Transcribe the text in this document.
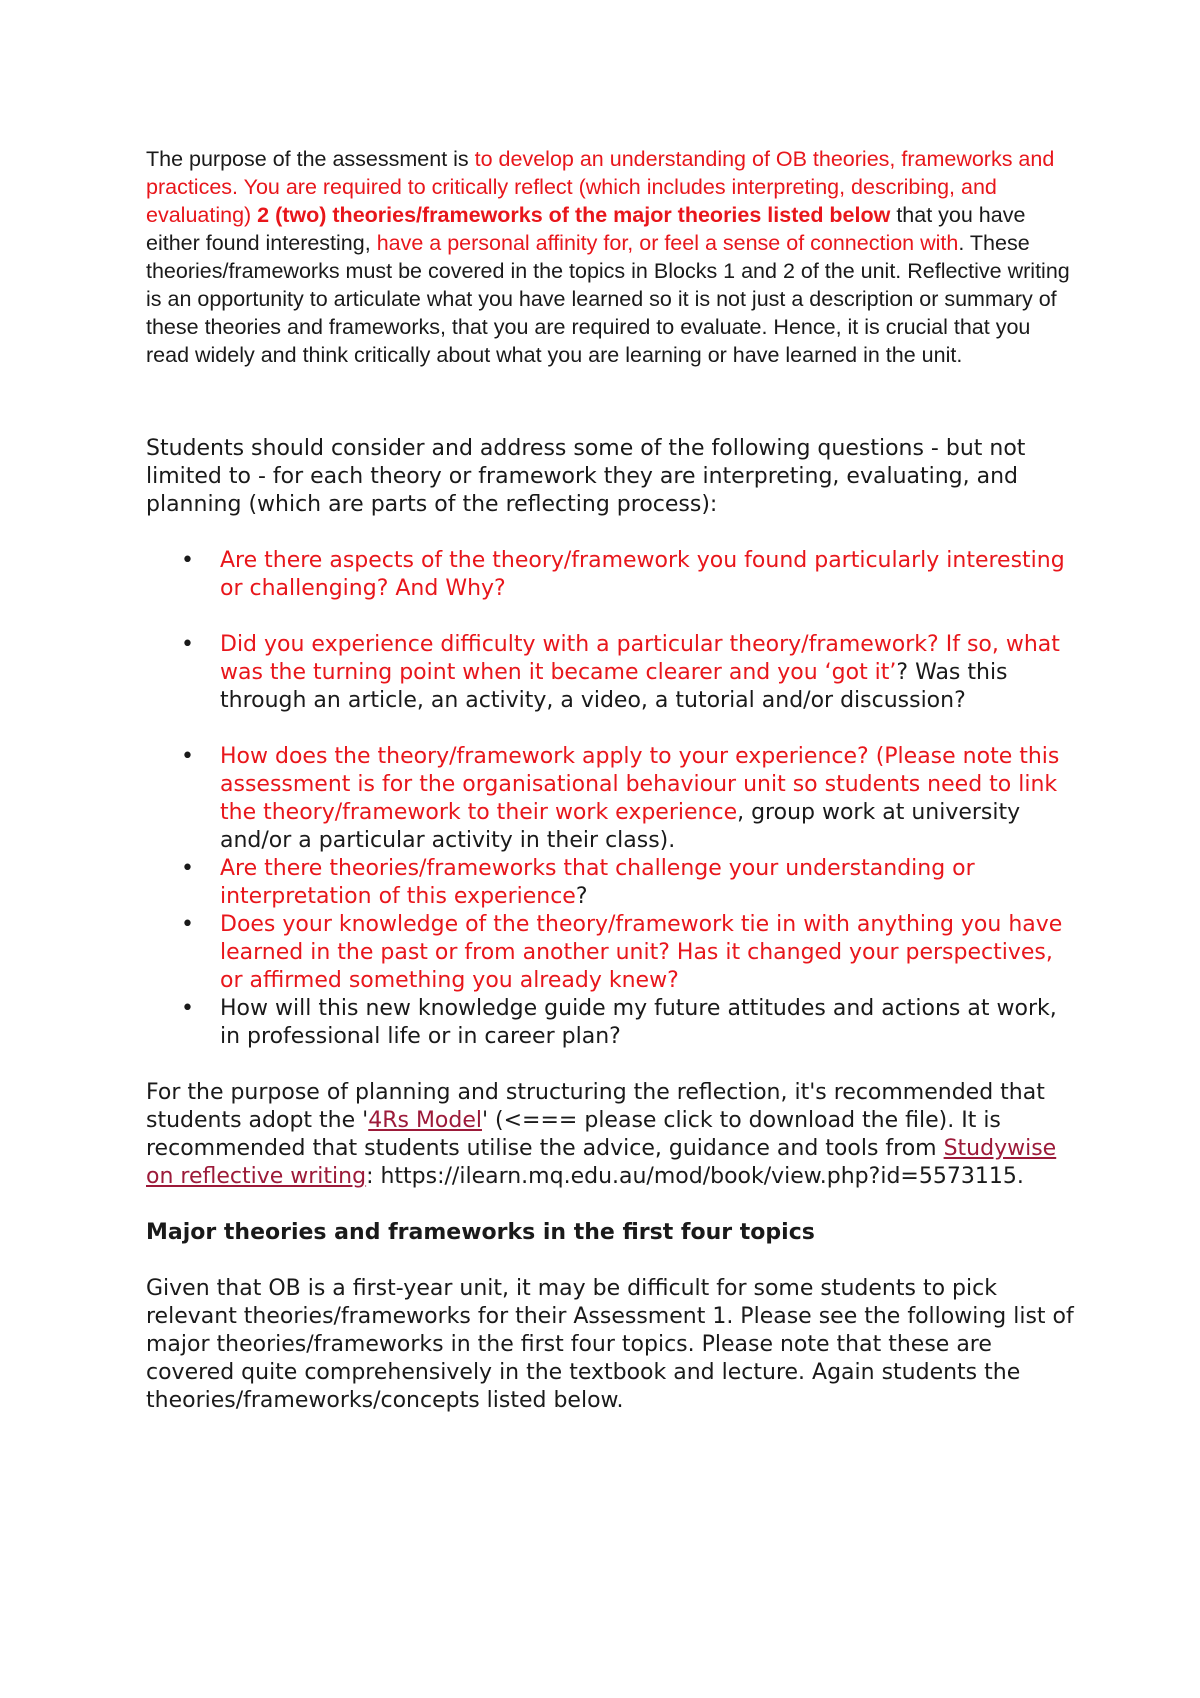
The purpose of the assessment is to develop an understanding of OB theories, frameworks and practices. You are required to critically reflect (which includes interpreting, describing, and evaluating) 2 (two) theories/frameworks of the major theories listed below that you have either found interesting, have a personal affinity for, or feel a sense of connection with. These theories/frameworks must be covered in the topics in Blocks 1 and 2 of the unit. Reflective writing is an opportunity to articulate what you have learned so it is not just a description or summary of these theories and frameworks, that you are required to evaluate. Hence, it is crucial that you read widely and think critically about what you are learning or have learned in the unit.

Students should consider and address some of the following questions - but not limited to - for each theory or framework they are interpreting, evaluating, and planning (which are parts of the reflecting process):

• Are there aspects of the theory/framework you found particularly interesting or challenging? And Why?
• Did you experience difficulty with a particular theory/framework? If so, what was the turning point when it became clearer and you ‘got it’? Was this through an article, an activity, a video, a tutorial and/or discussion?
• How does the theory/framework apply to your experience? (Please note this assessment is for the organisational behaviour unit so students need to link the theory/framework to their work experience, group work at university and/or a particular activity in their class).
• Are there theories/frameworks that challenge your understanding or interpretation of this experience?
• Does your knowledge of the theory/framework tie in with anything you have learned in the past or from another unit? Has it changed your perspectives, or affirmed something you already knew?
• How will this new knowledge guide my future attitudes and actions at work, in professional life or in career plan?

For the purpose of planning and structuring the reflection, it's recommended that students adopt the '4Rs Model' (<=== please click to download the file). It is recommended that students utilise the advice, guidance and tools from Studywise on reflective writing: https://ilearn.mq.edu.au/mod/book/view.php?id=5573115.

Major theories and frameworks in the first four topics

Given that OB is a first-year unit, it may be difficult for some students to pick relevant theories/frameworks for their Assessment 1. Please see the following list of major theories/frameworks in the first four topics. Please note that these are covered quite comprehensively in the textbook and lecture. Again students the theories/frameworks/concepts listed below.
